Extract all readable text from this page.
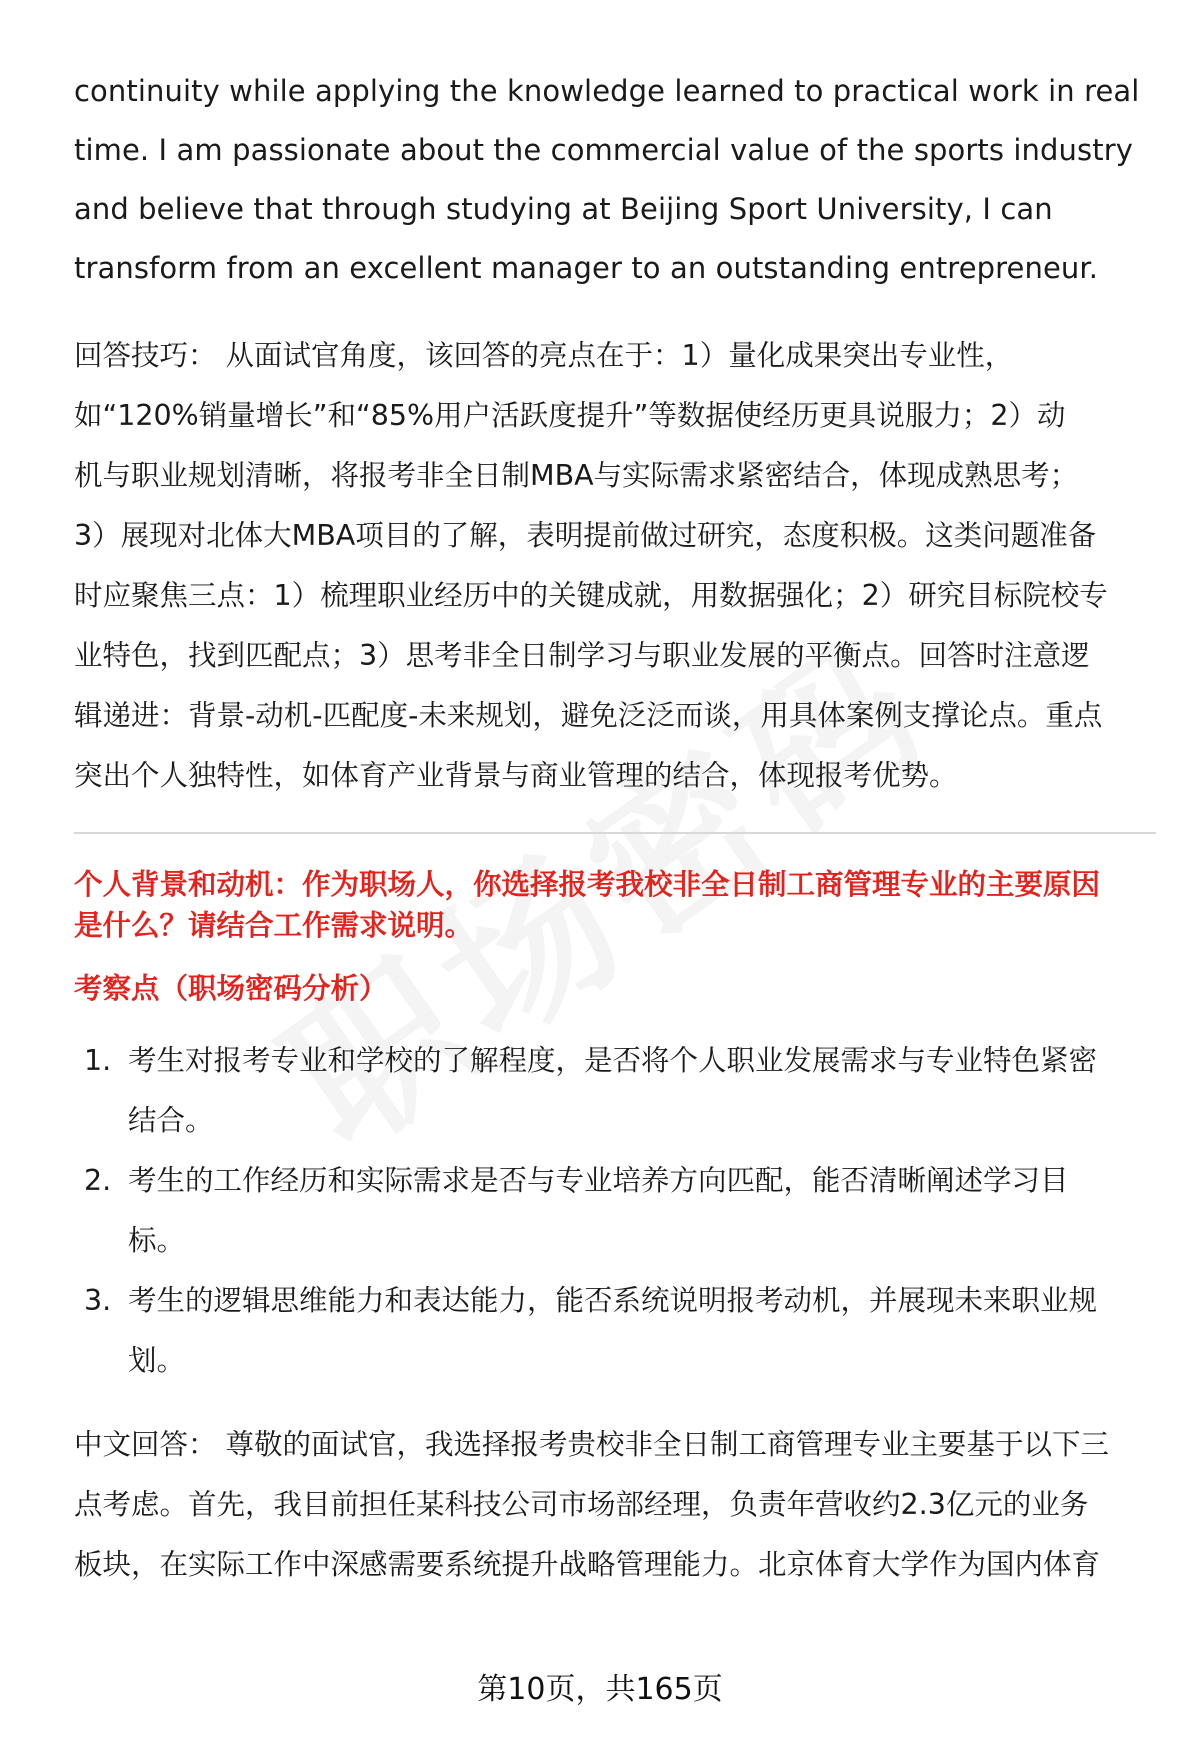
continuity while applying the knowledge learned to practical work in real

time. I am passionate about the commercial value of the sports industry

and believe that through studying at Beijing Sport University, I can

transform from an excellent manager to an outstanding entrepreneur.

回答技巧： 从面试官角度，该回答的亮点在于：1）量化成果突出专业性，

如“120%销量增长”和“85%用户活跃度提升”等数据使经历更具说服力；2）动

机与职业规划清晰，将报考非全日制MBA与实际需求紧密结合，体现成熟思考；

3）展现对北体大MBA项目的了解，表明提前做过研究，态度积极。这类问题准备

时应聚焦三点：1）梳理职业经历中的关键成就，用数据强化；2）研究目标院校专

业特色，找到匹配点；3）思考非全日制学习与职业发展的平衡点。回答时注意逻

辑递进：背景-动机-匹配度-未来规划，避免泛泛而谈，用具体案例支撑论点。重点

突出个人独特性，如体育产业背景与商业管理的结合，体现报考优势。

个人背景和动机：作为职场人，你选择报考我校非全日制工商管理专业的主要原因

是什么？请结合工作需求说明。

考察点（职场密码分析）

1. 考生对报考专业和学校的了解程度，是否将个人职业发展需求与专业特色紧密
结合。
2. 考生的工作经历和实际需求是否与专业培养方向匹配，能否清晰阐述学习目
标。
3. 考生的逻辑思维能力和表达能力，能否系统说明报考动机，并展现未来职业规
划。

中文回答： 尊敬的面试官，我选择报考贵校非全日制工商管理专业主要基于以下三

点考虑。首先，我目前担任某科技公司市场部经理，负责年营收约2.3亿元的业务

板块，在实际工作中深感需要系统提升战略管理能力。北京体育大学作为国内体育

第10页，共165页
